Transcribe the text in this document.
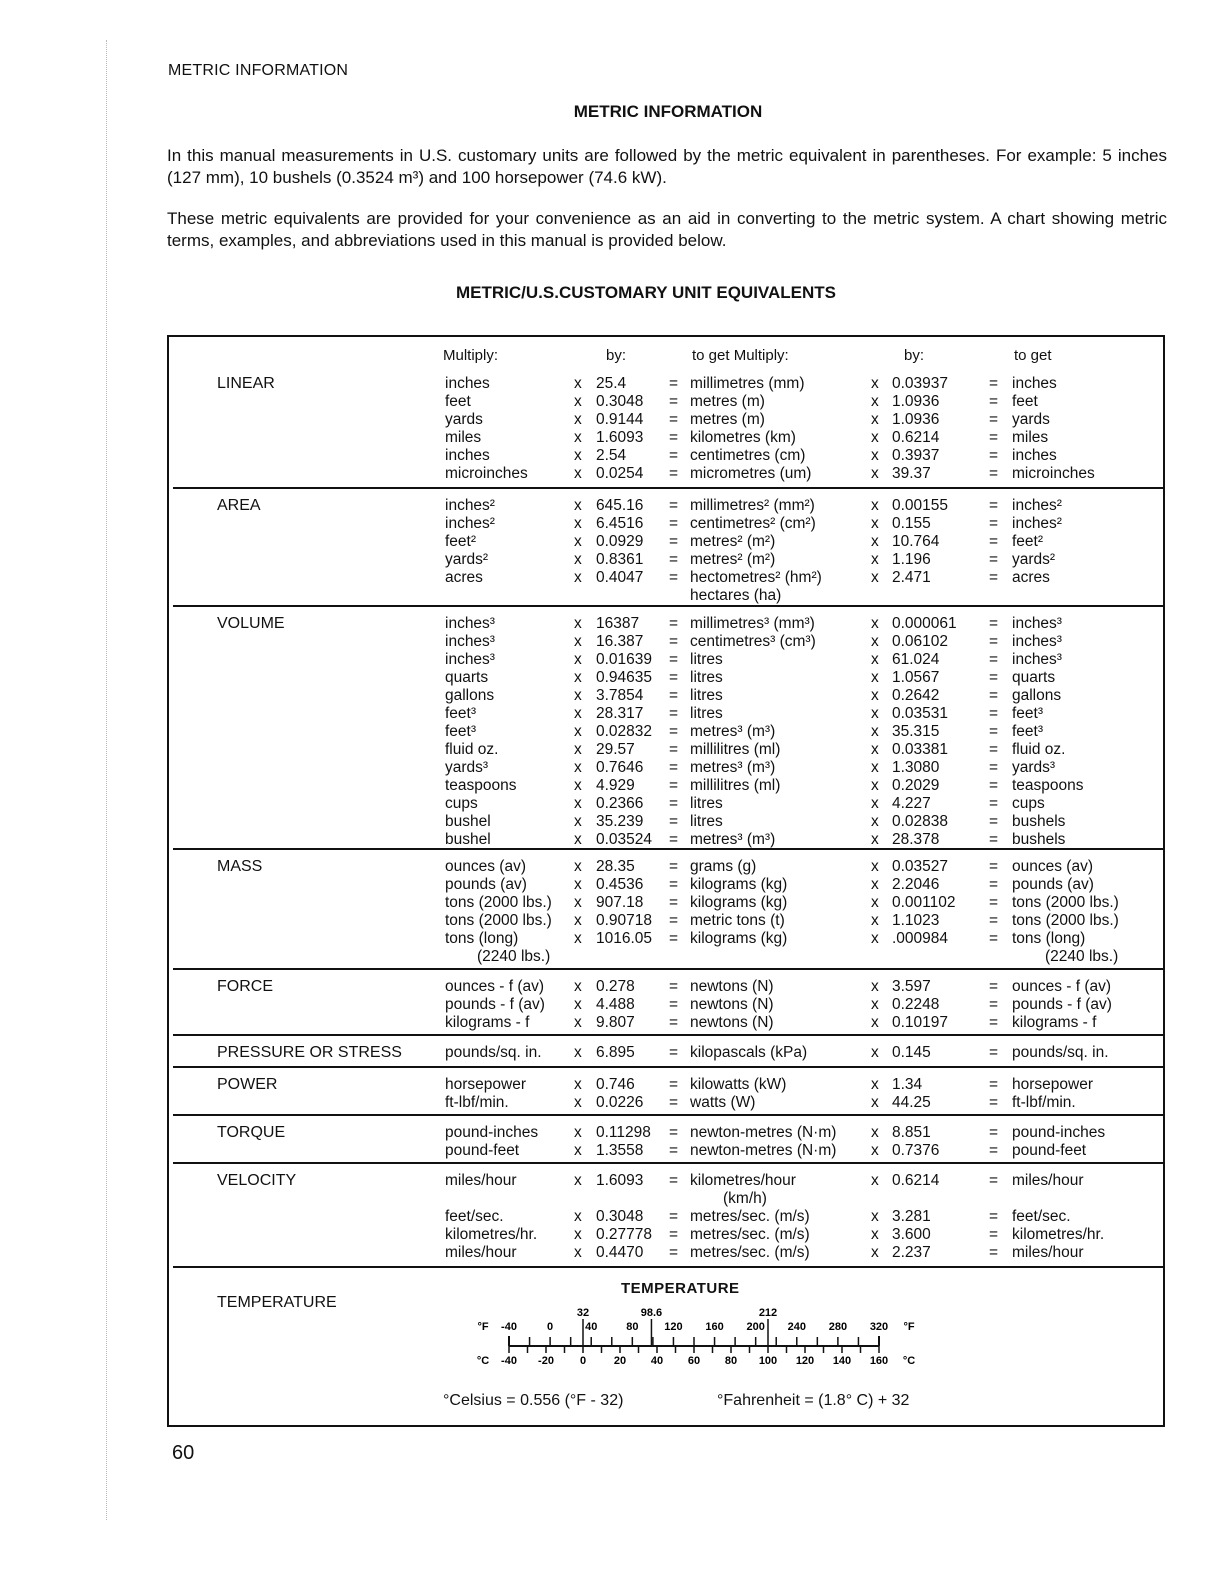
METRIC INFORMATION
METRIC INFORMATION
In this manual measurements in U.S. customary units are followed by the metric equivalent in parentheses. For example: 5 inches (127 mm), 10 bushels (0.3524 m³) and 100 horsepower (74.6 kW).
These metric equivalents are provided for your convenience as an aid in converting to the metric system. A chart showing metric terms, examples, and abbreviations used in this manual is provided below.
METRIC/U.S.CUSTOMARY UNIT EQUIVALENTS
Multiply:	by:	to get Multiply:	by:	to get
LINEAR	inches	x 25.4	= millimetres (mm)	x 0.03937	= inches
feet	x 0.3048 = metres (m)	x 1.0936	= feet
yards	x 0.9144 = metres (m)	x 1.0936	= yards
miles	x 1.6093 = kilometres (km)	x 0.6214	= miles
inches	x 2.54	= centimetres (cm)	x 0.3937	= inches
microinches	x 0.0254 = micrometres (um)	x 39.37	= microinches
AREA	inches²	x 645.16 = millimetres² (mm²)	x 0.00155	= inches²
inches²	x 6.4516 = centimetres² (cm²)	x 0.155	= inches²
feet²	x 0.0929 = metres² (m²)	x 10.764	= feet²
yards²	x 0.8361 = metres² (m²)	x 1.196	= yards²
acres	x 0.4047 = hectometres² (hm²)	x 2.471	= acres
hectares (ha)
VOLUME	inches³	x 16387 = millimetres³ (mm³)	x 0.000061 = inches³
inches³	x 16.387 = centimetres³ (cm³)	x 0.06102	= inches³
inches³	x 0.01639 = litres	x 61.024	= inches³
quarts	x 0.94635 = litres	x 1.0567	= quarts
gallons	x 3.7854 = litres	x 0.2642	= gallons
feet³	x 28.317 = litres	x 0.03531	= feet³
feet³	x 0.02832 = metres³ (m³)	x 35.315	= feet³
fluid oz.	x 29.57 = millilitres (ml)	x 0.03381	= fluid oz.
yards³	x 0.7646 = metres³ (m³)	x 1.3080	= yards³
teaspoons	x 4.929 = millilitres (ml)	x 0.2029	= teaspoons
cups	x 0.2366 = litres	x 4.227	= cups
bushel	x 35.239 = litres	x 0.02838	= bushels
bushel	x 0.03524 = metres³ (m³)	x 28.378	= bushels
MASS	ounces (av)	x 28.35 = grams (g)	x 0.03527	= ounces (av)
pounds (av)	x 0.4536 = kilograms (kg)	x 2.2046	= pounds (av)
tons (2000 lbs.) x 907.18 = kilograms (kg)	x 0.001102 = tons (2000 lbs.)
tons (2000 lbs.) x 0.90718 = metric tons (t)	x 1.1023	= tons (2000 lbs.)
tons (long)	x 1016.05 = kilograms (kg)	x .000984	= tons (long)
(2240 lbs.)	(2240 lbs.)
FORCE	ounces - f (av) x 0.278 = newtons (N)	x 3.597	= ounces - f (av)
pounds - f (av) x 4.488 = newtons (N)	x 0.2248	= pounds - f (av)
kilograms - f	x 9.807 = newtons (N)	x 0.10197	= kilograms - f
PRESSURE OR STRESS	pounds/sq. in. x 6.895 = kilopascals (kPa)	x 0.145	= pounds/sq. in.
POWER	horsepower	x 0.746 = kilowatts (kW)	x 1.34	= horsepower
ft-lbf/min.	x 0.0226 = watts (W)	x 44.25	= ft-lbf/min.
TORQUE	pound-inches x 0.11298 = newton-metres (N·m) x 8.851	= pound-inches
pound-feet	x 1.3558 = newton-metres (N·m) x 0.7376	= pound-feet
VELOCITY	miles/hour	x 1.6093 = kilometres/hour	x 0.6214	= miles/hour
(km/h)
feet/sec.	x 0.3048 = metres/sec. (m/s)	x 3.281	= feet/sec.
kilometres/hr. x 0.27778 = metres/sec. (m/s)	x 3.600	= kilometres/hr.
miles/hour	x 0.4470 = metres/sec. (m/s)	x 2.237	= miles/hour
TEMPERATURE
TEMPERATURE
-40	0	40	80 120 160 200 240 280 320
32	98.6	212
-40 -20 0	20 40 60 80 100 120 140 160
°F	°F
°C	°C
°Celsius = 0.556 (°F - 32)	°Fahrenheit = (1.8° C) + 32
60
